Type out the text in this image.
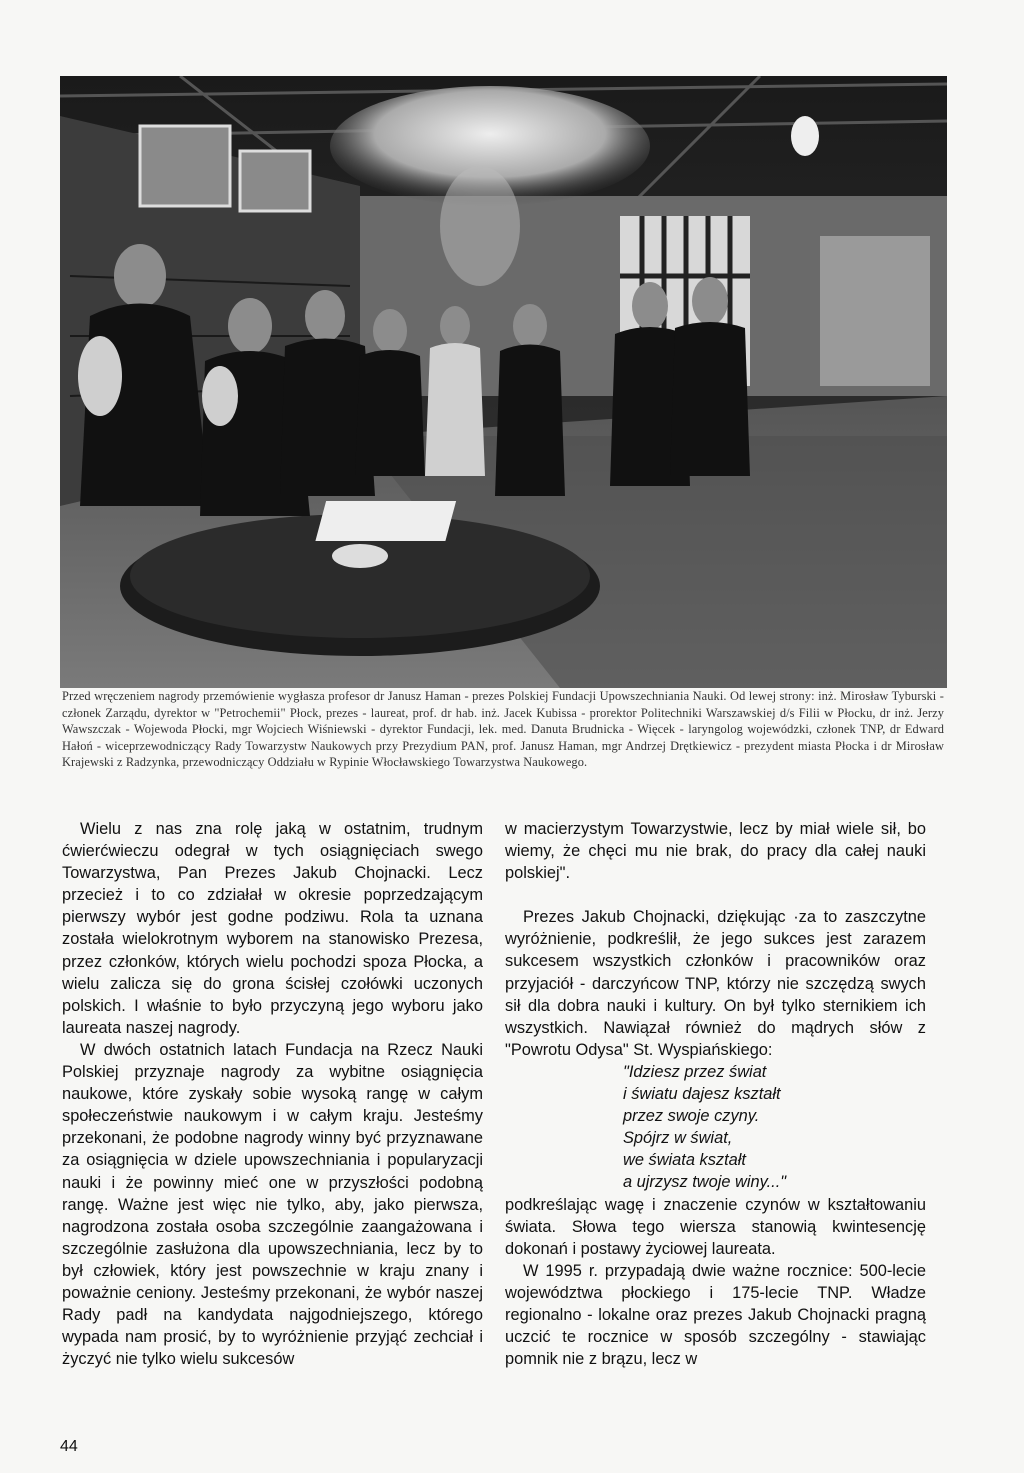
Przed wręczeniem nagrody przemówienie wygłasza profesor dr Janusz Haman - prezes Polskiej Fundacji Upowszechniania Nauki. Od lewej strony: inż. Mirosław Tyburski - członek Zarządu, dyrektor w "Petrochemii" Płock, prezes - laureat, prof. dr hab. inż. Jacek Kubissa - prorektor Politechniki Warszawskiej d/s Filii w Płocku, dr inż. Jerzy Wawszczak - Wojewoda Płocki, mgr Wojciech Wiśniewski - dyrektor Fundacji, lek. med. Danuta Brudnicka - Więcek - laryngolog wojewódzki, członek TNP, dr Edward Hałoń - wiceprzewodniczący Rady Towarzystw Naukowych przy Prezydium PAN, prof. Janusz Haman, mgr Andrzej Drętkiewicz - prezydent miasta Płocka i dr Mirosław Krajewski z Radzynka, przewodniczący Oddziału w Rypinie Włocławskiego Towarzystwa Naukowego.

Wielu z nas zna rolę jaką w ostatnim, trudnym ćwierćwieczu odegrał w tych osiągnięciach swego Towarzystwa, Pan Prezes Jakub Chojnacki. Lecz przecież i to co zdziałał w okresie poprzedzającym pierwszy wybór jest godne podziwu. Rola ta uznana została wielokrotnym wyborem na stanowisko Prezesa, przez członków, których wielu pochodzi spoza Płocka, a wielu zalicza się do grona ścisłej czołówki uczonych polskich. I właśnie to było przyczyną jego wyboru jako laureata naszej nagrody.

W dwóch ostatnich latach Fundacja na Rzecz Nauki Polskiej przyznaje nagrody za wybitne osiągnięcia naukowe, które zyskały sobie wysoką rangę w całym społeczeństwie naukowym i w całym kraju. Jesteśmy przekonani, że podobne nagrody winny być przyznawane za osiągnięcia w dziele upowszechniania i popularyzacji nauki i że powinny mieć one w przyszłości podobną rangę. Ważne jest więc nie tylko, aby, jako pierwsza, nagrodzona została osoba szczególnie zaangażowana i szczególnie zasłużona dla upowszechniania, lecz by to był człowiek, który jest powszechnie w kraju znany i poważnie ceniony. Jesteśmy przekonani, że wybór naszej Rady padł na kandydata najgodniejszego, którego wypada nam prosić, by to wyróżnienie przyjąć zechciał i życzyć nie tylko wielu sukcesów

w macierzystym Towarzystwie, lecz by miał wiele sił, bo wiemy, że chęci mu nie brak, do pracy dla całej nauki polskiej".

Prezes Jakub Chojnacki, dziękując ·za to zaszczytne wyróżnienie, podkreślił, że jego sukces jest zarazem sukcesem wszystkich członków i pracowników oraz przyjaciół - darczyńcow TNP, którzy nie szczędzą swych sił dla dobra nauki i kultury. On był tylko sternikiem ich wszystkich. Nawiązał również do mądrych słów z "Powrotu Odysa" St. Wyspiańskiego:

"Idziesz przez świat
i światu dajesz kształt
przez swoje czyny.
Spójrz w świat,
we świata kształt
a ujrzysz twoje winy..."

podkreślając wagę i znaczenie czynów w kształtowaniu świata. Słowa tego wiersza stanowią kwintesencję dokonań i postawy życiowej laureata.

W 1995 r. przypadają dwie ważne rocznice: 500-lecie województwa płockiego i 175-lecie TNP. Władze regionalno - lokalne oraz prezes Jakub Chojnacki pragną uczcić te rocznice w sposób szczególny - stawiając pomnik nie z brązu, lecz w

44
